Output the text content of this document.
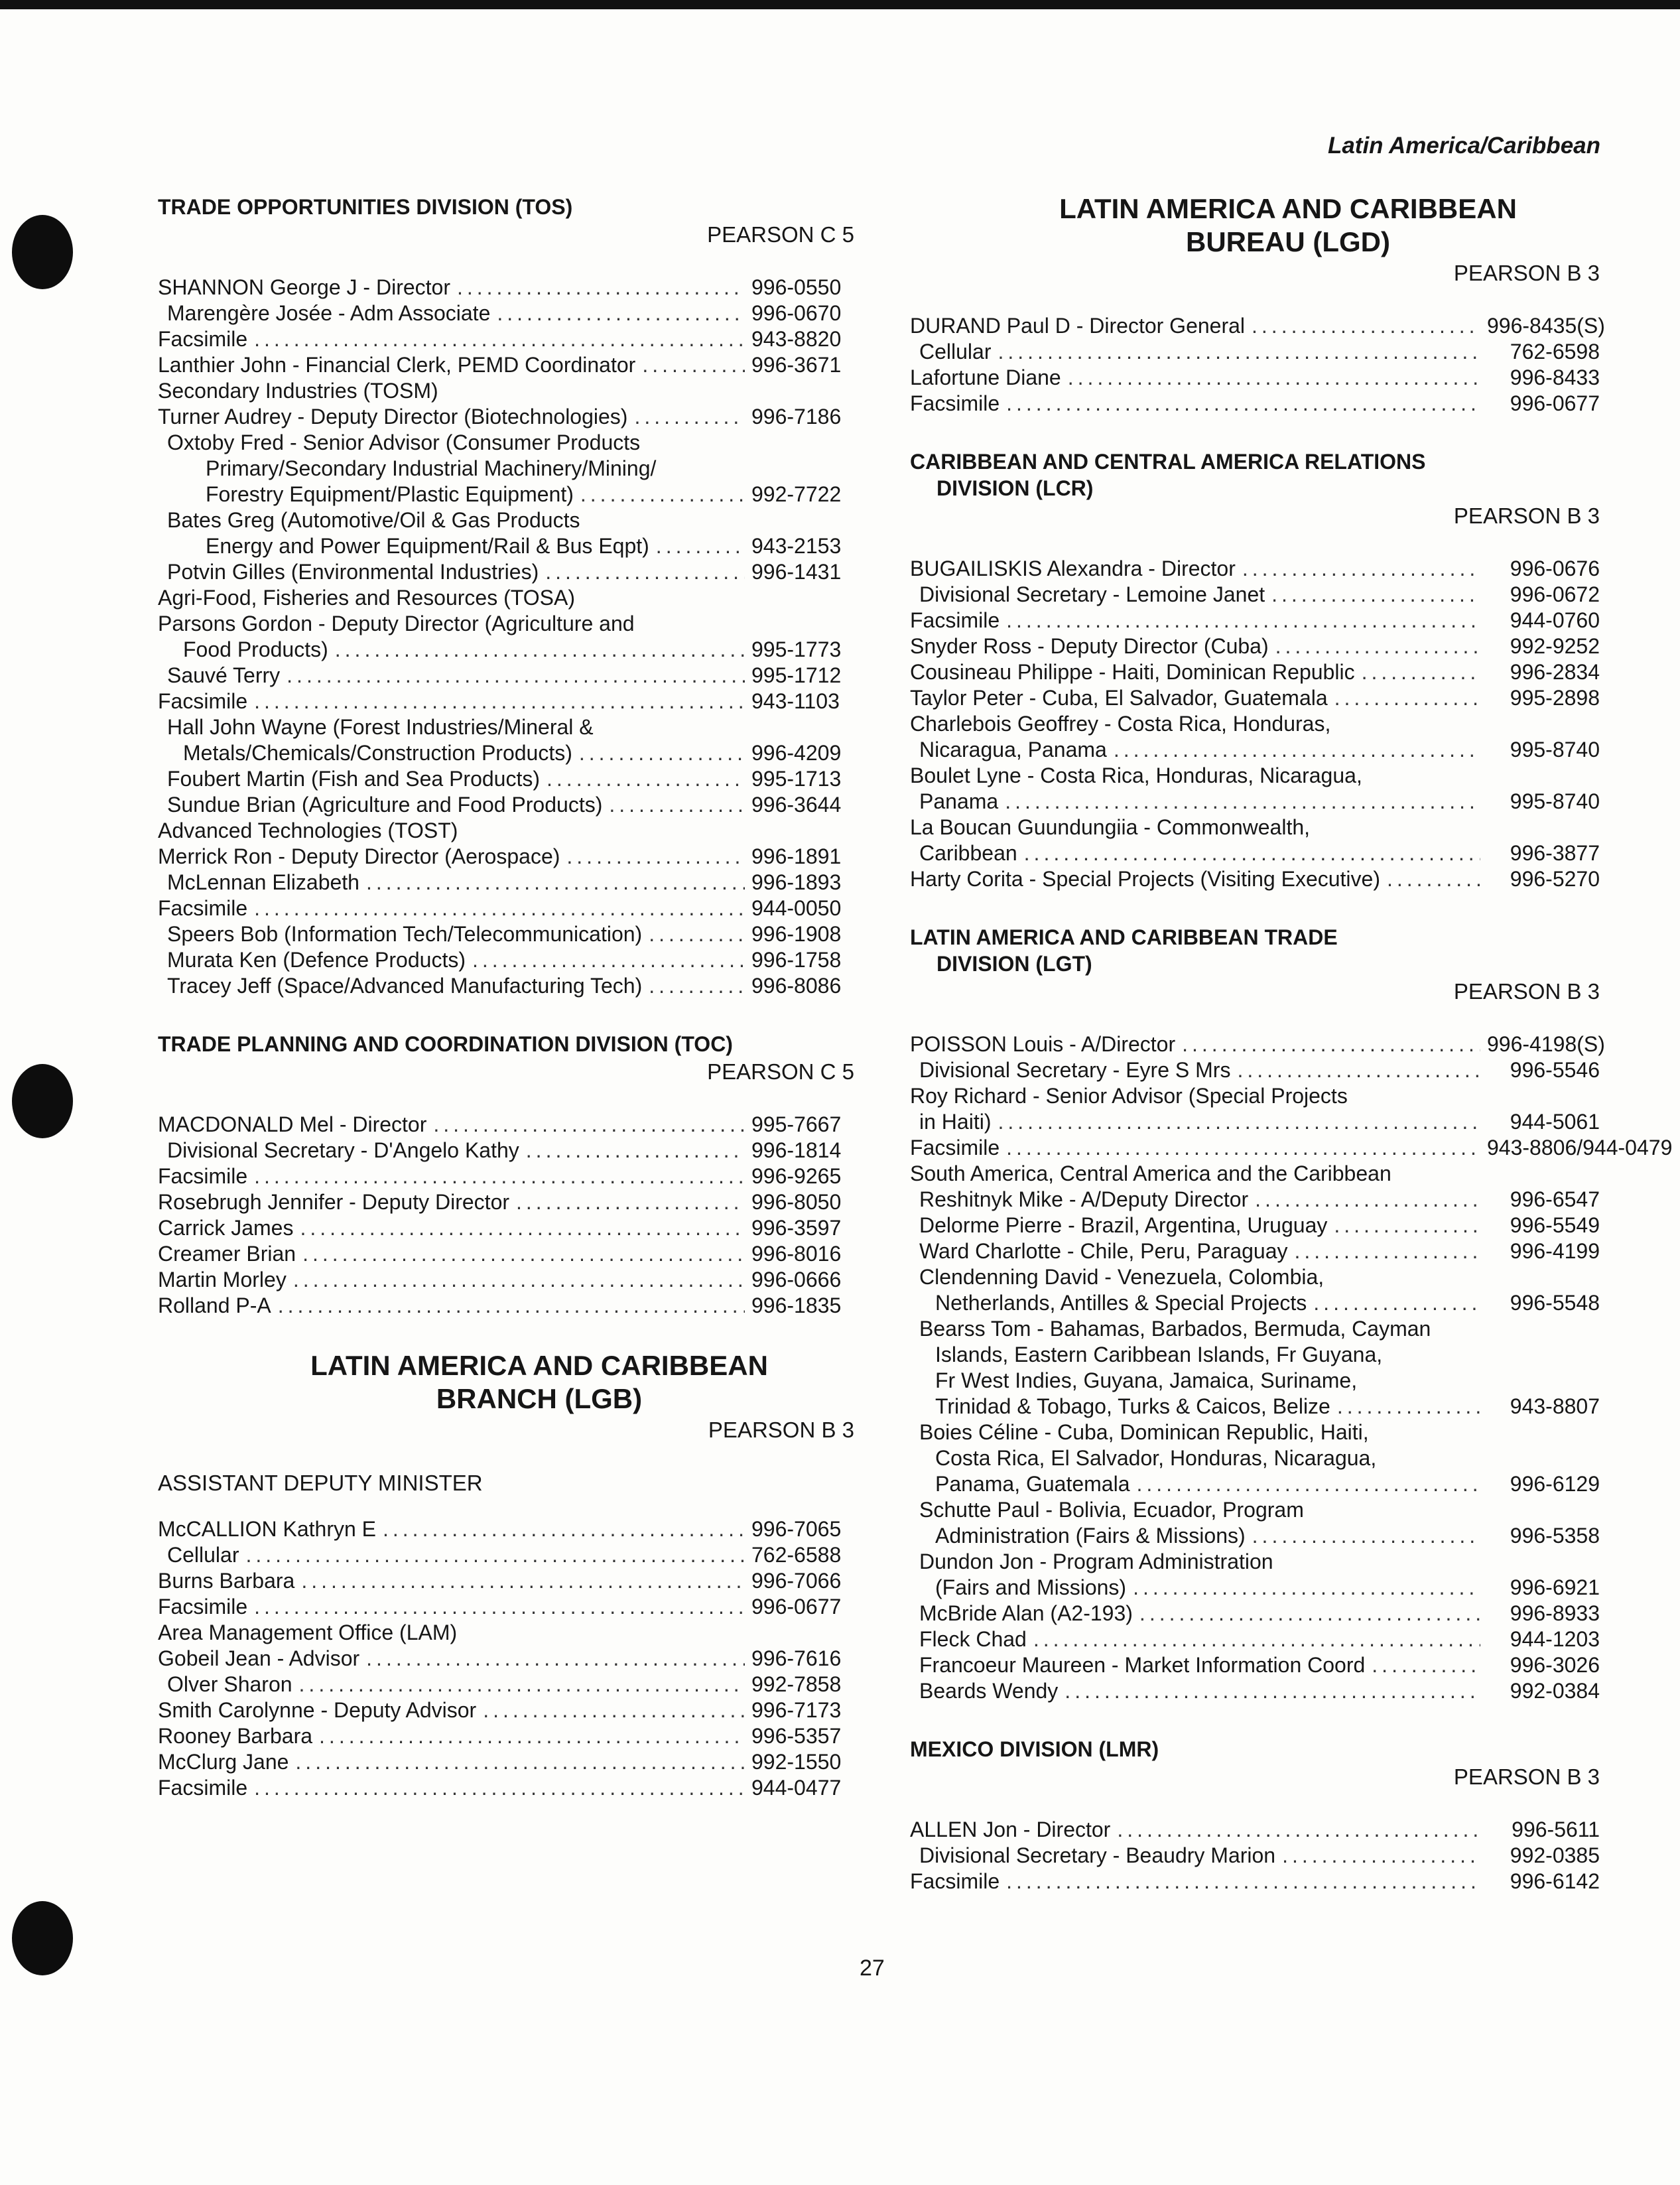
Latin America/Caribbean
TRADE OPPORTUNITIES DIVISION (TOS)
PEARSON C 5
SHANNON George J - Director .....	996-0550
Marengère Josée - Adm Associate .....	996-0670
Facsimile .....	943-8820
Lanthier John - Financial Clerk, PEMD Coordinator .....	996-3671
Secondary Industries (TOSM)
Turner Audrey - Deputy Director (Biotechnologies) .....	996-7186
Oxtoby Fred - Senior Advisor (Consumer Products
Primary/Secondary Industrial Machinery/Mining/
Forestry Equipment/Plastic Equipment) .....	992-7722
Bates Greg (Automotive/Oil & Gas Products
Energy and Power Equipment/Rail & Bus Eqpt) .....	943-2153
Potvin Gilles (Environmental Industries) .....	996-1431
Agri-Food, Fisheries and Resources (TOSA)
Parsons Gordon - Deputy Director (Agriculture and
Food Products) .....	995-1773
Sauvé Terry .....	995-1712
Facsimile .....	943-1103
Hall John Wayne (Forest Industries/Mineral &
Metals/Chemicals/Construction Products) .....	996-4209
Foubert Martin (Fish and Sea Products) .....	995-1713
Sundue Brian (Agriculture and Food Products) .....	996-3644
Advanced Technologies (TOST)
Merrick Ron - Deputy Director (Aerospace) .....	996-1891
McLennan Elizabeth .....	996-1893
Facsimile .....	944-0050
Speers Bob (Information Tech/Telecommunication) .....	996-1908
Murata Ken (Defence Products) .....	996-1758
Tracey Jeff (Space/Advanced Manufacturing Tech) .....	996-8086
TRADE PLANNING AND COORDINATION DIVISION (TOC)
PEARSON C 5
MACDONALD Mel - Director .....	995-7667
Divisional Secretary - D'Angelo Kathy .....	996-1814
Facsimile .....	996-9265
Rosebrugh Jennifer - Deputy Director .....	996-8050
Carrick James .....	996-3597
Creamer Brian .....	996-8016
Martin Morley .....	996-0666
Rolland P-A .....	996-1835
LATIN AMERICA AND CARIBBEAN
BRANCH (LGB)
PEARSON B 3
ASSISTANT DEPUTY MINISTER
McCALLION Kathryn E .....	996-7065
Cellular .....	762-6588
Burns Barbara .....	996-7066
Facsimile .....	996-0677
Area Management Office (LAM)
Gobeil Jean - Advisor .....	996-7616
Olver Sharon .....	992-7858
Smith Carolynne - Deputy Advisor .....	996-7173
Rooney Barbara .....	996-5357
McClurg Jane .....	992-1550
Facsimile .....	944-0477
LATIN AMERICA AND CARIBBEAN
BUREAU (LGD)
PEARSON B 3
DURAND Paul D - Director General .....	996-8435(S)
Cellular .....	762-6598
Lafortune Diane .....	996-8433
Facsimile .....	996-0677
CARIBBEAN AND CENTRAL AMERICA RELATIONS
DIVISION (LCR)
PEARSON B 3
BUGAILISKIS Alexandra - Director .....	996-0676
Divisional Secretary - Lemoine Janet .....	996-0672
Facsimile .....	944-0760
Snyder Ross - Deputy Director (Cuba) .....	992-9252
Cousineau Philippe - Haiti, Dominican Republic .....	996-2834
Taylor Peter - Cuba, El Salvador, Guatemala .....	995-2898
Charlebois Geoffrey - Costa Rica, Honduras,
Nicaragua, Panama .....	995-8740
Boulet Lyne - Costa Rica, Honduras, Nicaragua,
Panama .....	995-8740
La Boucan Guundungiia - Commonwealth,
Caribbean .....	996-3877
Harty Corita - Special Projects (Visiting Executive) .....	996-5270
LATIN AMERICA AND CARIBBEAN TRADE
DIVISION (LGT)
PEARSON B 3
POISSON Louis - A/Director .....	996-4198(S)
Divisional Secretary - Eyre S Mrs .....	996-5546
Roy Richard - Senior Advisor (Special Projects
in Haiti) .....	944-5061
Facsimile .....	943-8806/944-0479
South America, Central America and the Caribbean
Reshitnyk Mike - A/Deputy Director .....	996-6547
Delorme Pierre - Brazil, Argentina, Uruguay .....	996-5549
Ward Charlotte - Chile, Peru, Paraguay .....	996-4199
Clendenning David - Venezuela, Colombia,
Netherlands, Antilles & Special Projects .....	996-5548
Bearss Tom - Bahamas, Barbados, Bermuda, Cayman
Islands, Eastern Caribbean Islands, Fr Guyana,
Fr West Indies, Guyana, Jamaica, Suriname,
Trinidad & Tobago, Turks & Caicos, Belize .....	943-8807
Boies Céline - Cuba, Dominican Republic, Haiti,
Costa Rica, El Salvador, Honduras, Nicaragua,
Panama, Guatemala .....	996-6129
Schutte Paul - Bolivia, Ecuador, Program
Administration (Fairs & Missions) .....	996-5358
Dundon Jon - Program Administration
(Fairs and Missions) .....	996-6921
McBride Alan (A2-193) .....	996-8933
Fleck Chad .....	944-1203
Francoeur Maureen - Market Information Coord .....	996-3026
Beards Wendy .....	992-0384
MEXICO DIVISION (LMR)
PEARSON B 3
ALLEN Jon - Director .....	996-5611
Divisional Secretary - Beaudry Marion .....	992-0385
Facsimile .....	996-6142
27
